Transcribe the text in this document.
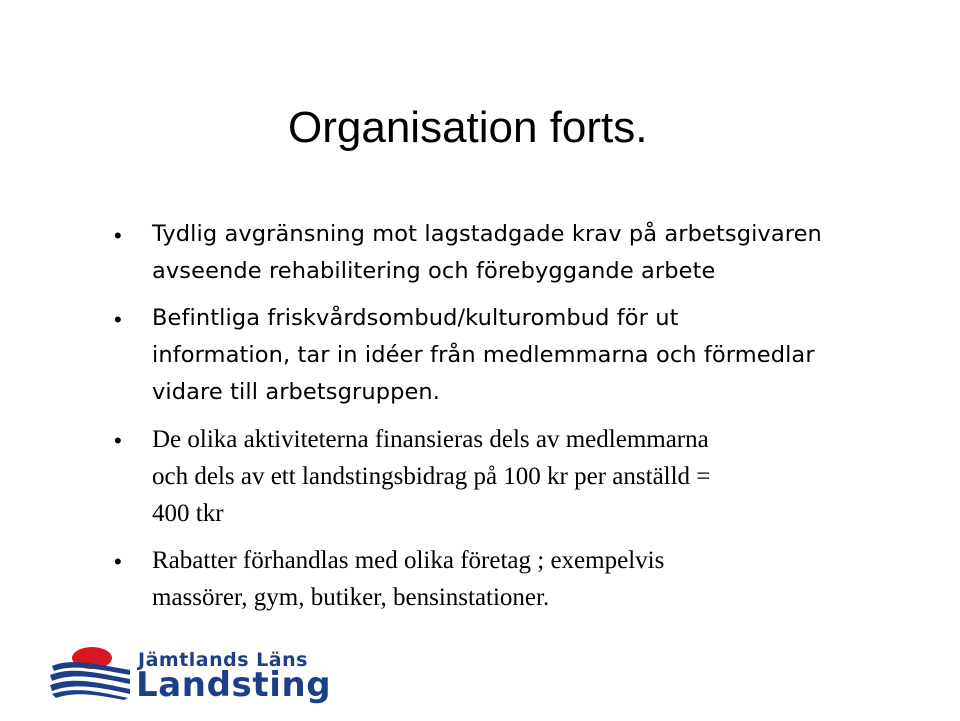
Organisation forts.
• Tydlig avgränsning mot lagstadgade krav på arbetsgivaren
avseende rehabilitering och förebyggande arbete
• Befintliga friskvårdsombud/kulturombud för ut
information, tar in idéer från medlemmarna och förmedlar
vidare till arbetsgruppen.
• De olika aktiviteterna finansieras dels av medlemmarna
och dels av ett landstingsbidrag på 100 kr per anställd =
400 tkr
• Rabatter förhandlas med olika företag ; exempelvis
massörer, gym, butiker, bensinstationer.
Jämtlands Läns
Landsting
